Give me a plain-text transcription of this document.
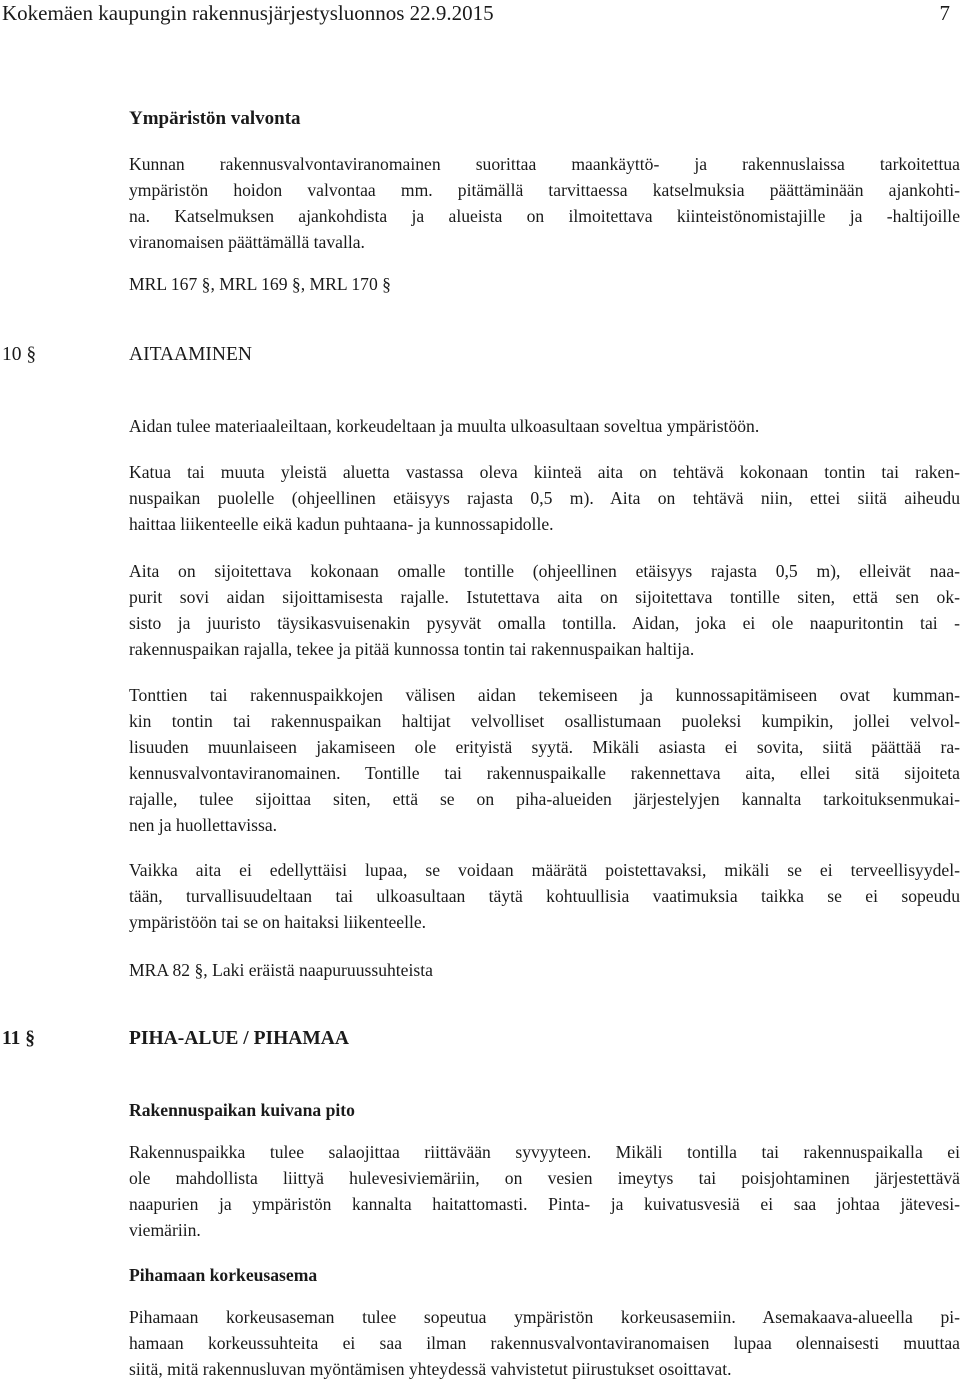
Kokemäen kaupungin rakennusjärjestysluonnos 22.9.2015	7
Ympäristön valvonta
Kunnan rakennusvalvontaviranomainen suorittaa maankäyttö- ja rakennuslaissa tarkoitettua
ympäristön hoidon valvontaa mm. pitämällä tarvittaessa katselmuksia päättäminään ajankohti-
na. Katselmuksen ajankohdista ja alueista on ilmoitettava kiinteistönomistajille ja -haltijoille
viranomaisen päättämällä tavalla.
MRL 167 §, MRL 169 §, MRL 170 §
10 §	AITAAMINEN
Aidan tulee materiaaleiltaan, korkeudeltaan ja muulta ulkoasultaan soveltua ympäristöön.
Katua tai muuta yleistä aluetta vastassa oleva kiinteä aita on tehtävä kokonaan tontin tai raken-
nuspaikan puolelle (ohjeellinen etäisyys rajasta 0,5 m). Aita on tehtävä niin, ettei siitä aiheudu
haittaa liikenteelle eikä kadun puhtaana- ja kunnossapidolle.
Aita on sijoitettava kokonaan omalle tontille (ohjeellinen etäisyys rajasta 0,5 m), elleivät naa-
purit sovi aidan sijoittamisesta rajalle. Istutettava aita on sijoitettava tontille siten, että sen ok-
sisto ja juuristo täysikasvuisenakin pysyvät omalla tontilla. Aidan, joka ei ole naapuritontin tai -
rakennuspaikan rajalla, tekee ja pitää kunnossa tontin tai rakennuspaikan haltija.
Tonttien tai rakennuspaikkojen välisen aidan tekemiseen ja kunnossapitämiseen ovat kumman-
kin tontin tai rakennuspaikan haltijat velvolliset osallistumaan puoleksi kumpikin, jollei velvol-
lisuuden muunlaiseen jakamiseen ole erityistä syytä. Mikäli asiasta ei sovita, siitä päättää ra-
kennusvalvontaviranomainen. Tontille tai rakennuspaikalle rakennettava aita, ellei sitä sijoiteta
rajalle, tulee sijoittaa siten, että se on piha-alueiden järjestelyjen kannalta tarkoituksenmukai-
nen ja huollettavissa.
Vaikka aita ei edellyttäisi lupaa, se voidaan määrätä poistettavaksi, mikäli se ei terveellisyydel-
tään, turvallisuudeltaan tai ulkoasultaan täytä kohtuullisia vaatimuksia taikka se ei sopeudu
ympäristöön tai se on haitaksi liikenteelle.
MRA 82 §, Laki eräistä naapuruussuhteista
11 §	PIHA-ALUE / PIHAMAA
Rakennuspaikan kuivana pito
Rakennuspaikka tulee salaojittaa riittävään syvyyteen. Mikäli tontilla tai rakennuspaikalla ei
ole mahdollista liittyä hulevesiviemäriin, on vesien imeytys tai poisjohtaminen järjestettävä
naapurien ja ympäristön kannalta haitattomasti. Pinta- ja kuivatusvesiä ei saa johtaa jätevesi-
viemäriin.
Pihamaan korkeusasema
Pihamaan korkeusaseman tulee sopeutua ympäristön korkeusasemiin. Asemakaava-alueella pi-
hamaan korkeussuhteita ei saa ilman rakennusvalvontaviranomaisen lupaa olennaisesti muuttaa
siitä, mitä rakennusluvan myöntämisen yhteydessä vahvistetut piirustukset osoittavat.
